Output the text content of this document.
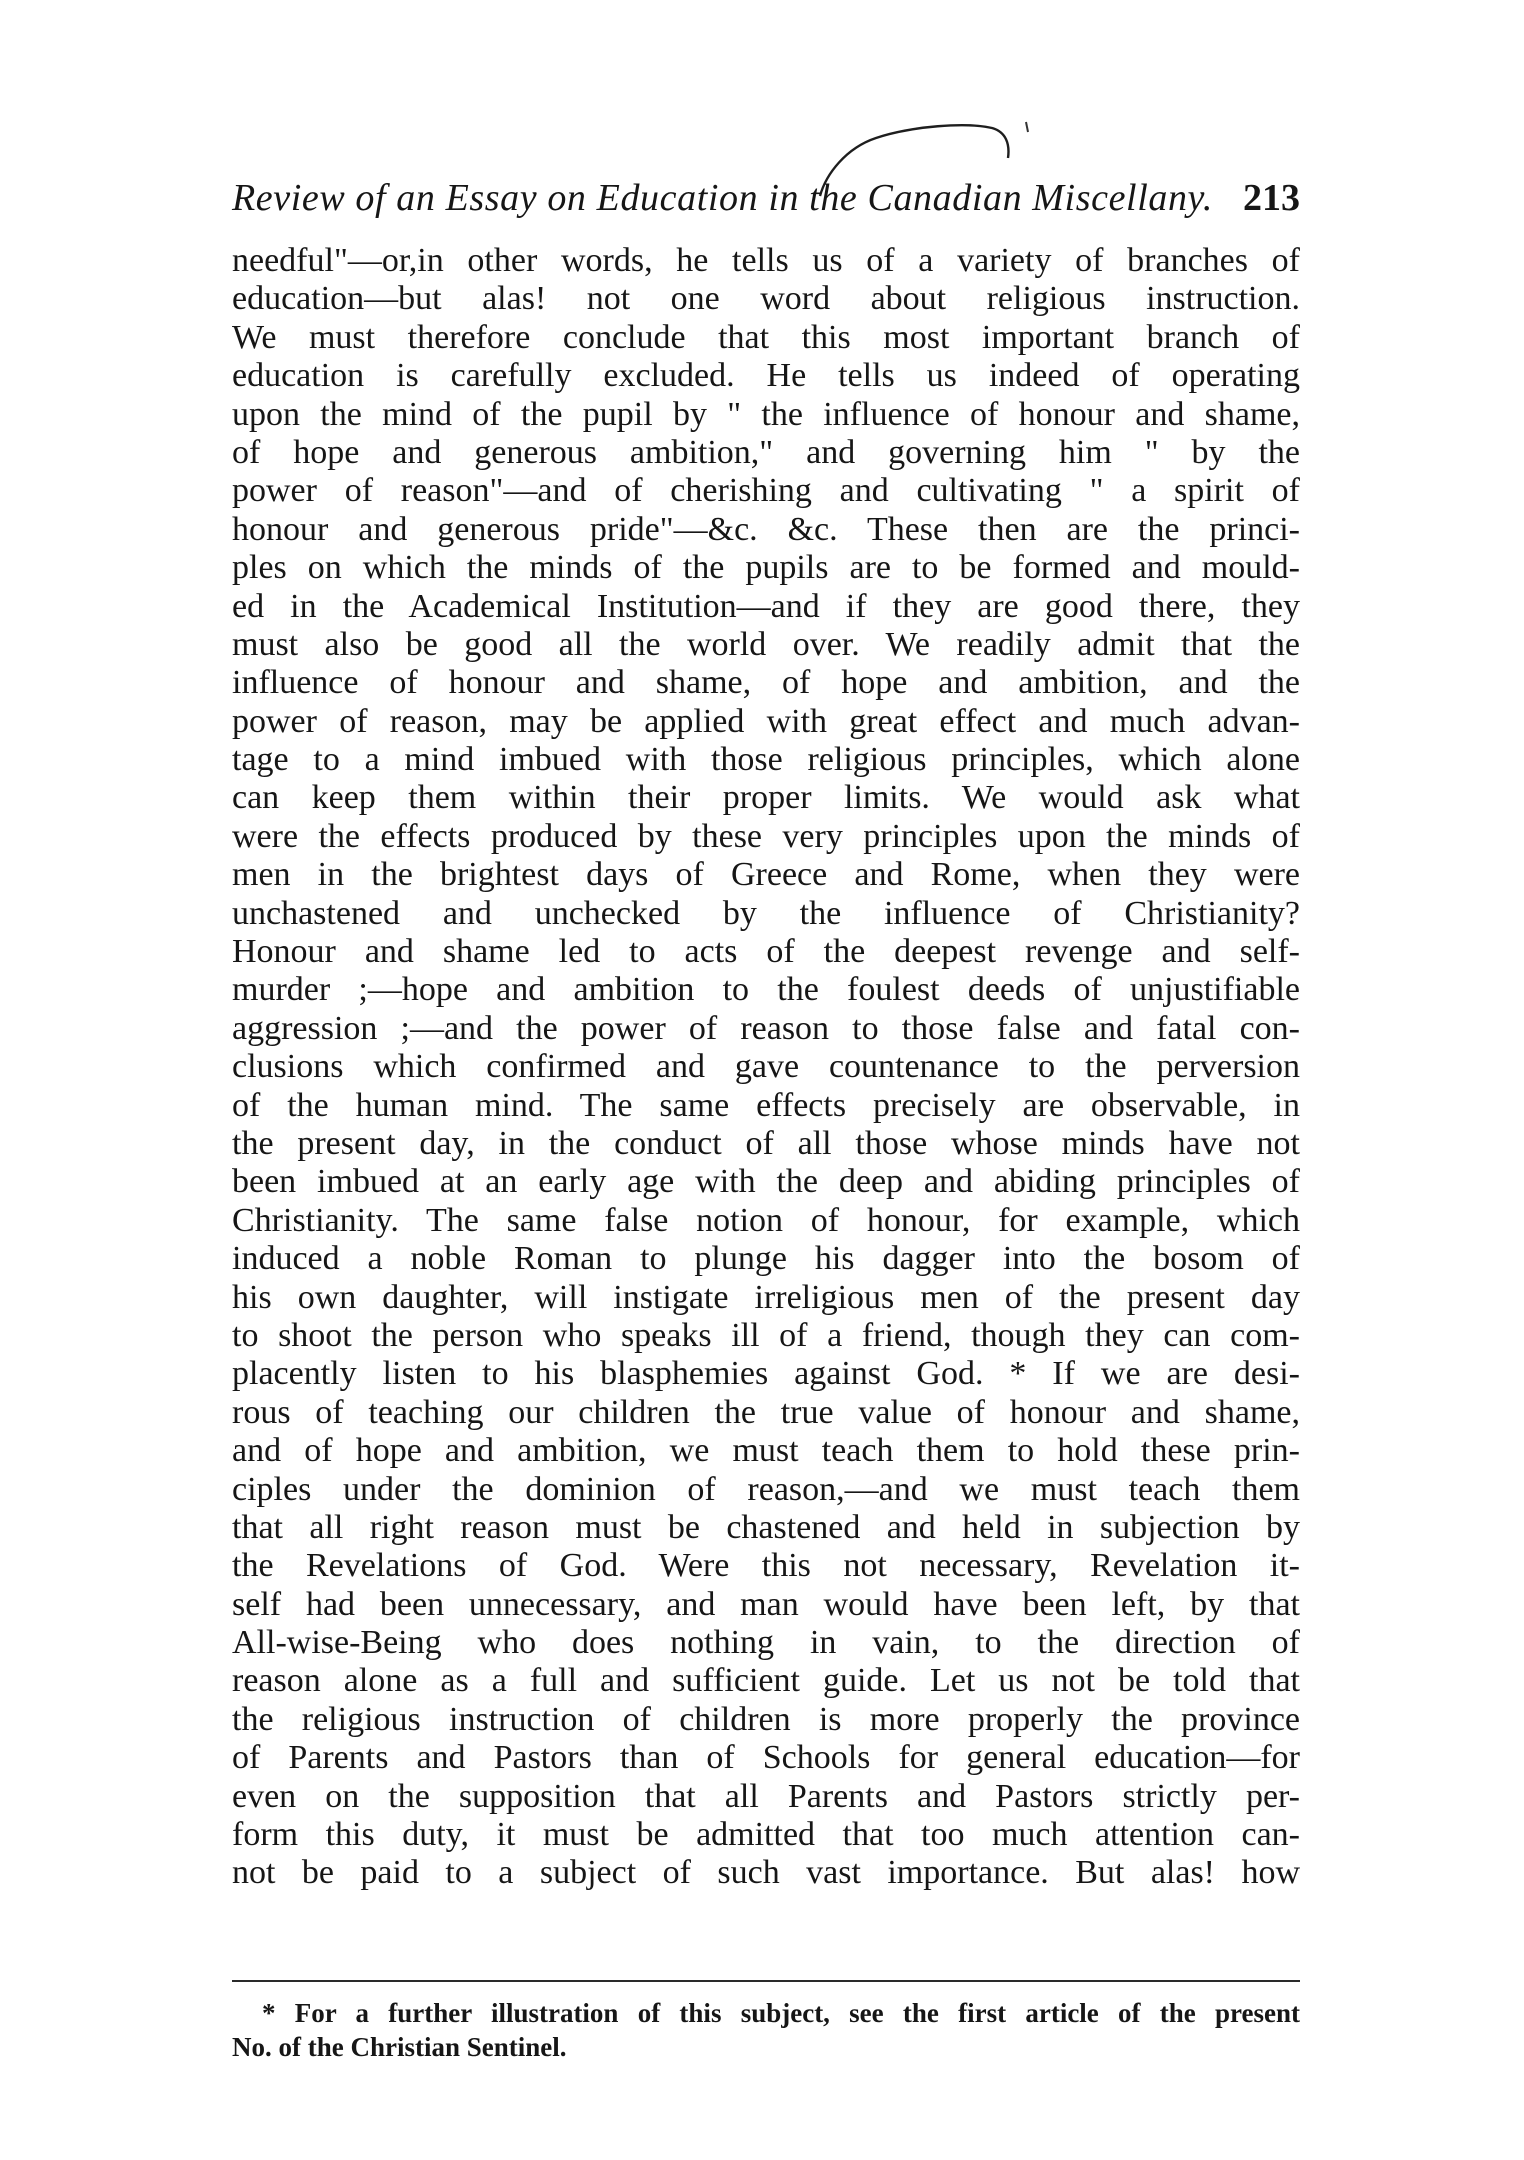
Review of an Essay on Education in the Canadian Miscellany. 213
needful"—or,in other words, he tells us of a variety of branches of
education—but alas! not one word about religious instruction.
We must therefore conclude that this most important branch of
education is carefully excluded. He tells us indeed of operating
upon the mind of the pupil by " the influence of honour and shame,
of hope and generous ambition," and governing him " by the
power of reason"—and of cherishing and cultivating " a spirit of
honour and generous pride"—&c. &c. These then are the princi-
ples on which the minds of the pupils are to be formed and mould-
ed in the Academical Institution—and if they are good there, they
must also be good all the world over. We readily admit that the
influence of honour and shame, of hope and ambition, and the
power of reason, may be applied with great effect and much advan-
tage to a mind imbued with those religious principles, which alone
can keep them within their proper limits. We would ask what
were the effects produced by these very principles upon the minds of
men in the brightest days of Greece and Rome, when they were
unchastened and unchecked by the influence of Christianity?
Honour and shame led to acts of the deepest revenge and self-
murder ;—hope and ambition to the foulest deeds of unjustifiable
aggression ;—and the power of reason to those false and fatal con-
clusions which confirmed and gave countenance to the perversion
of the human mind. The same effects precisely are observable, in
the present day, in the conduct of all those whose minds have not
been imbued at an early age with the deep and abiding principles of
Christianity. The same false notion of honour, for example, which
induced a noble Roman to plunge his dagger into the bosom of
his own daughter, will instigate irreligious men of the present day
to shoot the person who speaks ill of a friend, though they can com-
placently listen to his blasphemies against God. * If we are desi-
rous of teaching our children the true value of honour and shame,
and of hope and ambition, we must teach them to hold these prin-
ciples under the dominion of reason,—and we must teach them
that all right reason must be chastened and held in subjection by
the Revelations of God. Were this not necessary, Revelation it-
self had been unnecessary, and man would have been left, by that
All-wise-Being who does nothing in vain, to the direction of
reason alone as a full and sufficient guide. Let us not be told that
the religious instruction of children is more properly the province
of Parents and Pastors than of Schools for general education—for
even on the supposition that all Parents and Pastors strictly per-
form this duty, it must be admitted that too much attention can-
not be paid to a subject of such vast importance. But alas! how
* For a further illustration of this subject, see the first article of the present
No. of the Christian Sentinel.
